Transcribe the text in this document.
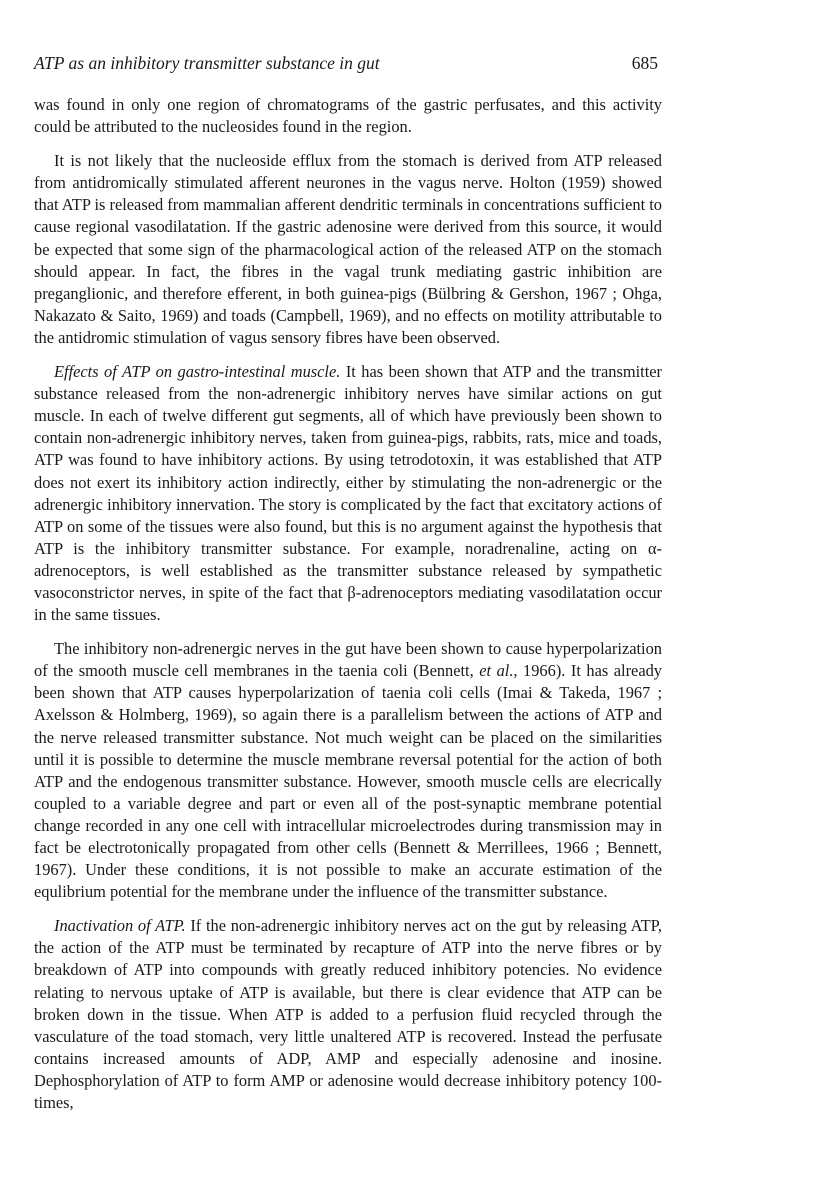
ATP as an inhibitory transmitter substance in gut	685

was found in only one region of chromatograms of the gastric perfusates, and this activity could be attributed to the nucleosides found in the region.

It is not likely that the nucleoside efflux from the stomach is derived from ATP released from antidromically stimulated afferent neurones in the vagus nerve. Holton (1959) showed that ATP is released from mammalian afferent dendritic terminals in concentrations sufficient to cause regional vasodilatation. If the gastric adenosine were derived from this source, it would be expected that some sign of the pharmacological action of the released ATP on the stomach should appear. In fact, the fibres in the vagal trunk mediating gastric inhibition are preganglionic, and therefore efferent, in both guinea-pigs (Bülbring & Gershon, 1967 ; Ohga, Nakazato & Saito, 1969) and toads (Campbell, 1969), and no effects on motility attributable to the antidromic stimulation of vagus sensory fibres have been observed.

Effects of ATP on gastro-intestinal muscle. It has been shown that ATP and the transmitter substance released from the non-adrenergic inhibitory nerves have similar actions on gut muscle. In each of twelve different gut segments, all of which have previously been shown to contain non-adrenergic inhibitory nerves, taken from guinea-pigs, rabbits, rats, mice and toads, ATP was found to have inhibitory actions. By using tetrodotoxin, it was established that ATP does not exert its inhibitory action indirectly, either by stimulating the non-adrenergic or the adrenergic inhibitory innervation. The story is complicated by the fact that excitatory actions of ATP on some of the tissues were also found, but this is no argument against the hypothesis that ATP is the inhibitory transmitter substance. For example, noradrenaline, acting on α-adrenoceptors, is well established as the transmitter substance released by sympathetic vasoconstrictor nerves, in spite of the fact that β-adrenoceptors mediating vasodilatation occur in the same tissues.

The inhibitory non-adrenergic nerves in the gut have been shown to cause hyperpolarization of the smooth muscle cell membranes in the taenia coli (Bennett, et al., 1966). It has already been shown that ATP causes hyperpolarization of taenia coli cells (Imai & Takeda, 1967 ; Axelsson & Holmberg, 1969), so again there is a parallelism between the actions of ATP and the nerve released transmitter substance. Not much weight can be placed on the similarities until it is possible to determine the muscle membrane reversal potential for the action of both ATP and the endogenous transmitter substance. However, smooth muscle cells are elecrically coupled to a variable degree and part or even all of the post-synaptic membrane potential change recorded in any one cell with intracellular microelectrodes during transmission may in fact be electrotonically propagated from other cells (Bennett & Merrillees, 1966 ; Bennett, 1967). Under these conditions, it is not possible to make an accurate estimation of the equlibrium potential for the membrane under the influence of the transmitter substance.

Inactivation of ATP. If the non-adrenergic inhibitory nerves act on the gut by releasing ATP, the action of the ATP must be terminated by recapture of ATP into the nerve fibres or by breakdown of ATP into compounds with greatly reduced inhibitory potencies. No evidence relating to nervous uptake of ATP is available, but there is clear evidence that ATP can be broken down in the tissue. When ATP is added to a perfusion fluid recycled through the vasculature of the toad stomach, very little unaltered ATP is recovered. Instead the perfusate contains increased amounts of ADP, AMP and especially adenosine and inosine. Dephosphorylation of ATP to form AMP or adenosine would decrease inhibitory potency 100-times,
